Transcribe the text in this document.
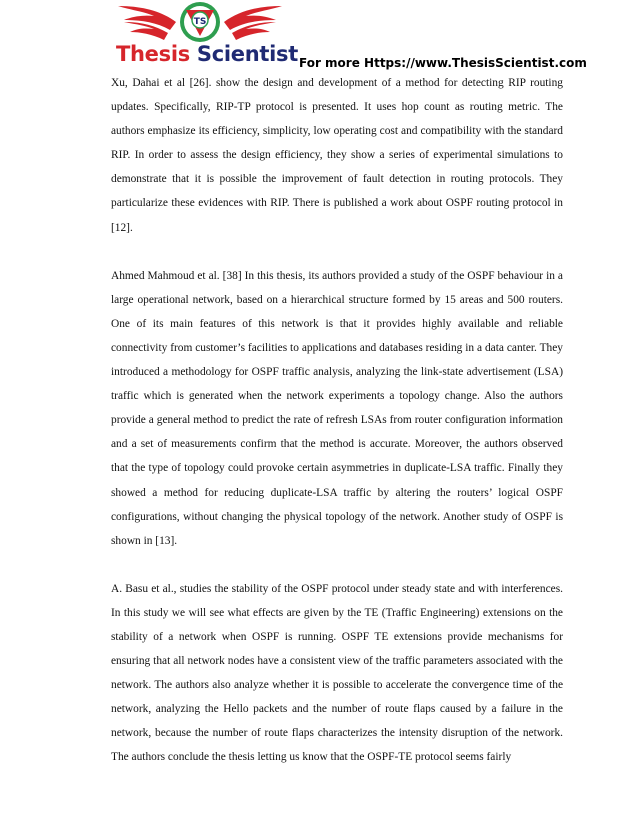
TS
Thesis Scientist For more Https://www.ThesisScientist.com

Xu, Dahai et al [26]. show the design and development of a method for detecting RIP routing updates. Specifically, RIP-TP protocol is presented. It uses hop count as routing metric. The authors emphasize its efficiency, simplicity, low operating cost and compatibility with the standard RIP. In order to assess the design efficiency, they show a series of experimental simulations to demonstrate that it is possible the improvement of fault detection in routing protocols. They particularize these evidences with RIP. There is published a work about OSPF routing protocol in [12].

Ahmed Mahmoud et al. [38] In this thesis, its authors provided a study of the OSPF behaviour in a large operational network, based on a hierarchical structure formed by 15 areas and 500 routers. One of its main features of this network is that it provides highly available and reliable connectivity from customer’s facilities to applications and databases residing in a data canter. They introduced a methodology for OSPF traffic analysis, analyzing the link-state advertisement (LSA) traffic which is generated when the network experiments a topology change. Also the authors provide a general method to predict the rate of refresh LSAs from router configuration information and a set of measurements confirm that the method is accurate. Moreover, the authors observed that the type of topology could provoke certain asymmetries in duplicate-LSA traffic. Finally they showed a method for reducing duplicate-LSA traffic by altering the routers’ logical OSPF configurations, without changing the physical topology of the network. Another study of OSPF is shown in [13].

A. Basu et al., studies the stability of the OSPF protocol under steady state and with interferences. In this study we will see what effects are given by the TE (Traffic Engineering) extensions on the stability of a network when OSPF is running. OSPF TE extensions provide mechanisms for ensuring that all network nodes have a consistent view of the traffic parameters associated with the network. The authors also analyze whether it is possible to accelerate the convergence time of the network, analyzing the Hello packets and the number of route flaps caused by a failure in the network, because the number of route flaps characterizes the intensity disruption of the network. The authors conclude the thesis letting us know that the OSPF-TE protocol seems fairly
